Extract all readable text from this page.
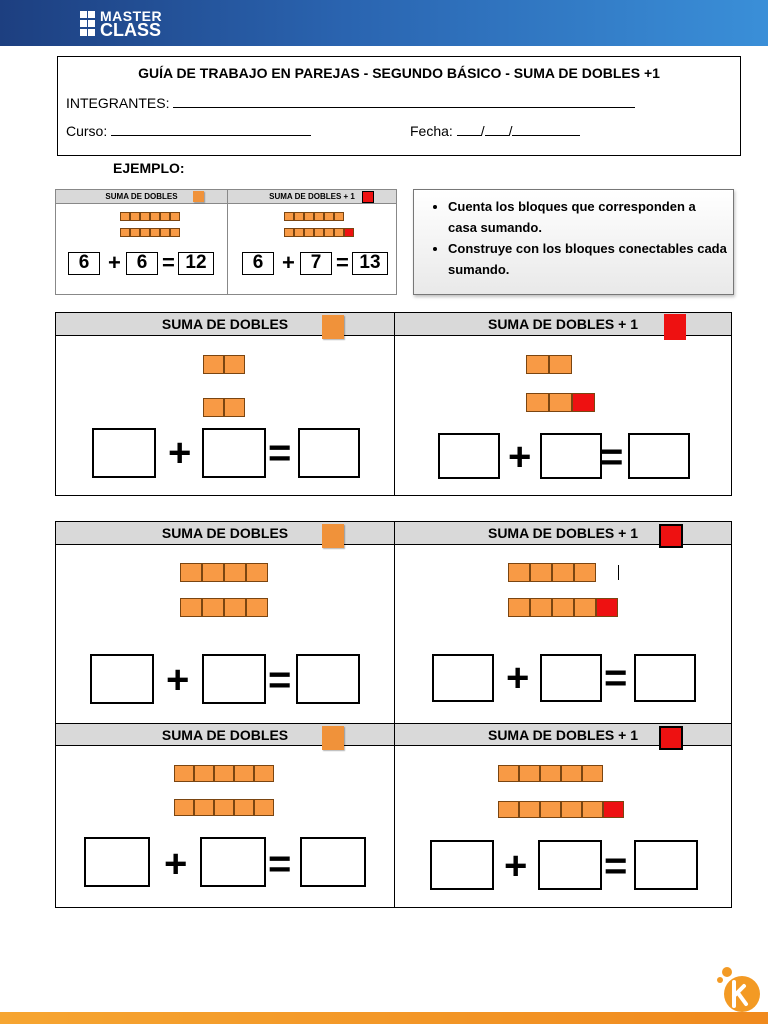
MASTER
CLASS
GUÍA DE TRABAJO EN PAREJAS - SEGUNDO BÁSICO - SUMA DE DOBLES +1
INTEGRANTES:
Curso:	Fecha: / /
EJEMPLO:
SUMA DE DOBLES	SUMA DE DOBLES + 1
6 + 6 = 12	6 + 7 = 13
• Cuenta los bloques que corresponden a casa sumando.
• Construye con los bloques conectables cada sumando.
SUMA DE DOBLES	SUMA DE DOBLES + 1
+ =	+ =
SUMA DE DOBLES	SUMA DE DOBLES + 1
+ =	+ =
SUMA DE DOBLES	SUMA DE DOBLES + 1
+ =	+ =
